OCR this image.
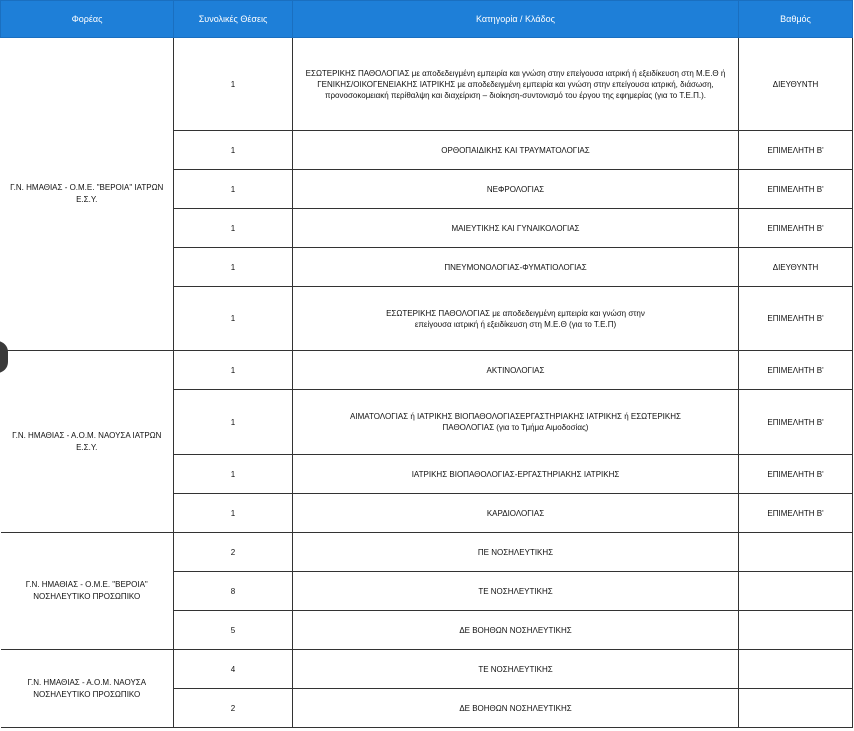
Φορέας	Συνολικές Θέσεις	Κατηγορία / Κλάδος	Βαθμός
Γ.Ν. ΗΜΑΘΙΑΣ - Ο.Μ.Ε. "ΒΕΡΟΙΑ" ΙΑΤΡΩΝ Ε.Σ.Υ.	1	ΕΣΩΤΕΡΙΚΗΣ ΠΑΘΟΛΟΓΙΑΣ με αποδεδειγμένη εμπειρία και γνώση στην επείγουσα ιατρική ή εξειδίκευση στη Μ.Ε.Θ ή ΓΕΝΙΚΗΣ/ΟΙΚΟΓΕΝΕΙΑΚΗΣ ΙΑΤΡΙΚΗΣ με αποδεδειγμένη εμπειρία και γνώση στην επείγουσα ιατρική, διάσωση, προνοσοκομειακή περίθαλψη και διαχείριση – διοίκηση-συντονισμό του έργου της εφημερίας (για το Τ.Ε.Π.).	ΔΙΕΥΘΥΝΤΗ
	1	ΟΡΘΟΠΑΙΔΙΚΗΣ ΚΑΙ ΤΡΑΥΜΑΤΟΛΟΓΙΑΣ	ΕΠΙΜΕΛΗΤΗ Β'
	1	ΝΕΦΡΟΛΟΓΙΑΣ	ΕΠΙΜΕΛΗΤΗ Β'
	1	ΜΑΙΕΥΤΙΚΗΣ ΚΑΙ ΓΥΝΑΙΚΟΛΟΓΙΑΣ	ΕΠΙΜΕΛΗΤΗ Β'
	1	ΠΝΕΥΜΟΝΟΛΟΓΙΑΣ-ΦΥΜΑΤΙΟΛΟΓΙΑΣ	ΔΙΕΥΘΥΝΤΗ
	1	ΕΣΩΤΕΡΙΚΗΣ ΠΑΘΟΛΟΓΙΑΣ με αποδεδειγμένη εμπειρία και γνώση στην επείγουσα ιατρική ή εξειδίκευση στη Μ.Ε.Θ (για το Τ.Ε.Π)	ΕΠΙΜΕΛΗΤΗ Β'
Γ.Ν. ΗΜΑΘΙΑΣ - Α.Ο.Μ. ΝΑΟΥΣΑ ΙΑΤΡΩΝ Ε.Σ.Υ.	1	ΑΚΤΙΝΟΛΟΓΙΑΣ	ΕΠΙΜΕΛΗΤΗ Β'
	1	ΑΙΜΑΤΟΛΟΓΙΑΣ ή ΙΑΤΡΙΚΗΣ ΒΙΟΠΑΘΟΛΟΓΙΑΣΕΡΓΑΣΤΗΡΙΑΚΗΣ ΙΑΤΡΙΚΗΣ ή ΕΣΩΤΕΡΙΚΗΣ ΠΑΘΟΛΟΓΙΑΣ (για το Τμήμα Αιμοδοσίας)	ΕΠΙΜΕΛΗΤΗ Β'
	1	ΙΑΤΡΙΚΗΣ ΒΙΟΠΑΘΟΛΟΓΙΑΣ-ΕΡΓΑΣΤΗΡΙΑΚΗΣ ΙΑΤΡΙΚΗΣ	ΕΠΙΜΕΛΗΤΗ Β'
	1	ΚΑΡΔΙΟΛΟΓΙΑΣ	ΕΠΙΜΕΛΗΤΗ Β'
Γ.Ν. ΗΜΑΘΙΑΣ - Ο.Μ.Ε. "ΒΕΡΟΙΑ" ΝΟΣΗΛΕΥΤΙΚΟ ΠΡΟΣΩΠΙΚΟ	2	ΠΕ ΝΟΣΗΛΕΥΤΙΚΗΣ	
	8	ΤΕ ΝΟΣΗΛΕΥΤΙΚΗΣ	
	5	ΔΕ ΒΟΗΘΩΝ ΝΟΣΗΛΕΥΤΙΚΗΣ	
Γ.Ν. ΗΜΑΘΙΑΣ - Α.Ο.Μ. ΝΑΟΥΣΑ ΝΟΣΗΛΕΥΤΙΚΟ ΠΡΟΣΩΠΙΚΟ	4	ΤΕ ΝΟΣΗΛΕΥΤΙΚΗΣ	
	2	ΔΕ ΒΟΗΘΩΝ ΝΟΣΗΛΕΥΤΙΚΗΣ	
